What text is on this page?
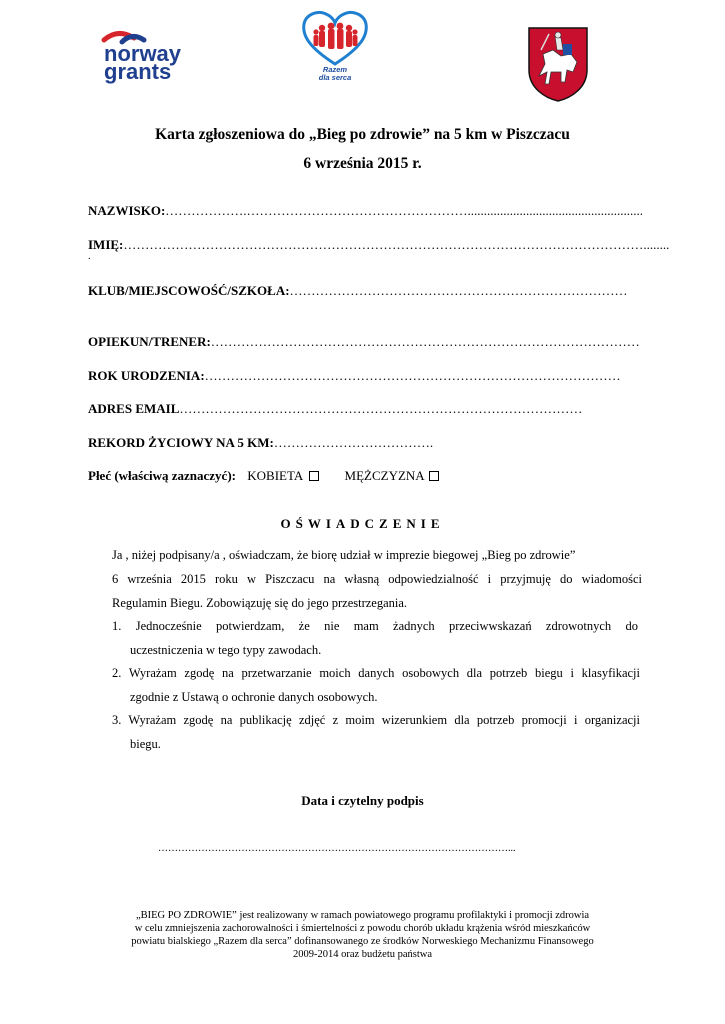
norway
grants	Razem
dla serca
Karta zgłoszeniowa do „Bieg po zdrowie” na 5 km w Piszczacu
6 września 2015 r.
NAZWISKO:……………….……………………………………………......................................................
IMIĘ:…………………………………………………………………………………………………………........
.
KLUB/MIEJSCOWOŚĆ/SZKOŁA:……………………………………………………………………
OPIEKUN/TRENER:………………………………………………………………………………………
ROK URODZENIA:……………………………………………………………………………………
ADRES EMAIL…………………………………………………………………………………
REKORD ŻYCIOWY NA 5 KM:……………………………….
Płeć (właściwą zaznaczyć): KOBIETA	MĘŻCZYZNA
OŚWIADCZENIE
Ja , niżej podpisany/a , oświadczam, że biorę udział w imprezie biegowej „Bieg po zdrowie”
6 września 2015 roku w Piszczacu na własną odpowiedzialność i przyjmuję do wiadomości
Regulamin Biegu. Zobowiązuję się do jego przestrzegania.
1. Jednocześnie potwierdzam, że nie mam żadnych przeciwwskazań zdrowotnych do
uczestniczenia w tego typy zawodach.
2. Wyrażam zgodę na przetwarzanie moich danych osobowych dla potrzeb biegu i klasyfikacji
zgodnie z Ustawą o ochronie danych osobowych.
3. Wyrażam zgodę na publikację zdjęć z moim wizerunkiem dla potrzeb promocji i organizacji
biegu.
Data i czytelny podpis
……………………………………………………………………………………………...
„BIEG PO ZDROWIE” jest realizowany w ramach powiatowego programu profilaktyki i promocji zdrowia
w celu zmniejszenia zachorowalności i śmiertelności z powodu chorób układu krążenia wśród mieszkańców
powiatu bialskiego „Razem dla serca” dofinansowanego ze środków Norweskiego Mechanizmu Finansowego
2009-2014 oraz budżetu państwa
